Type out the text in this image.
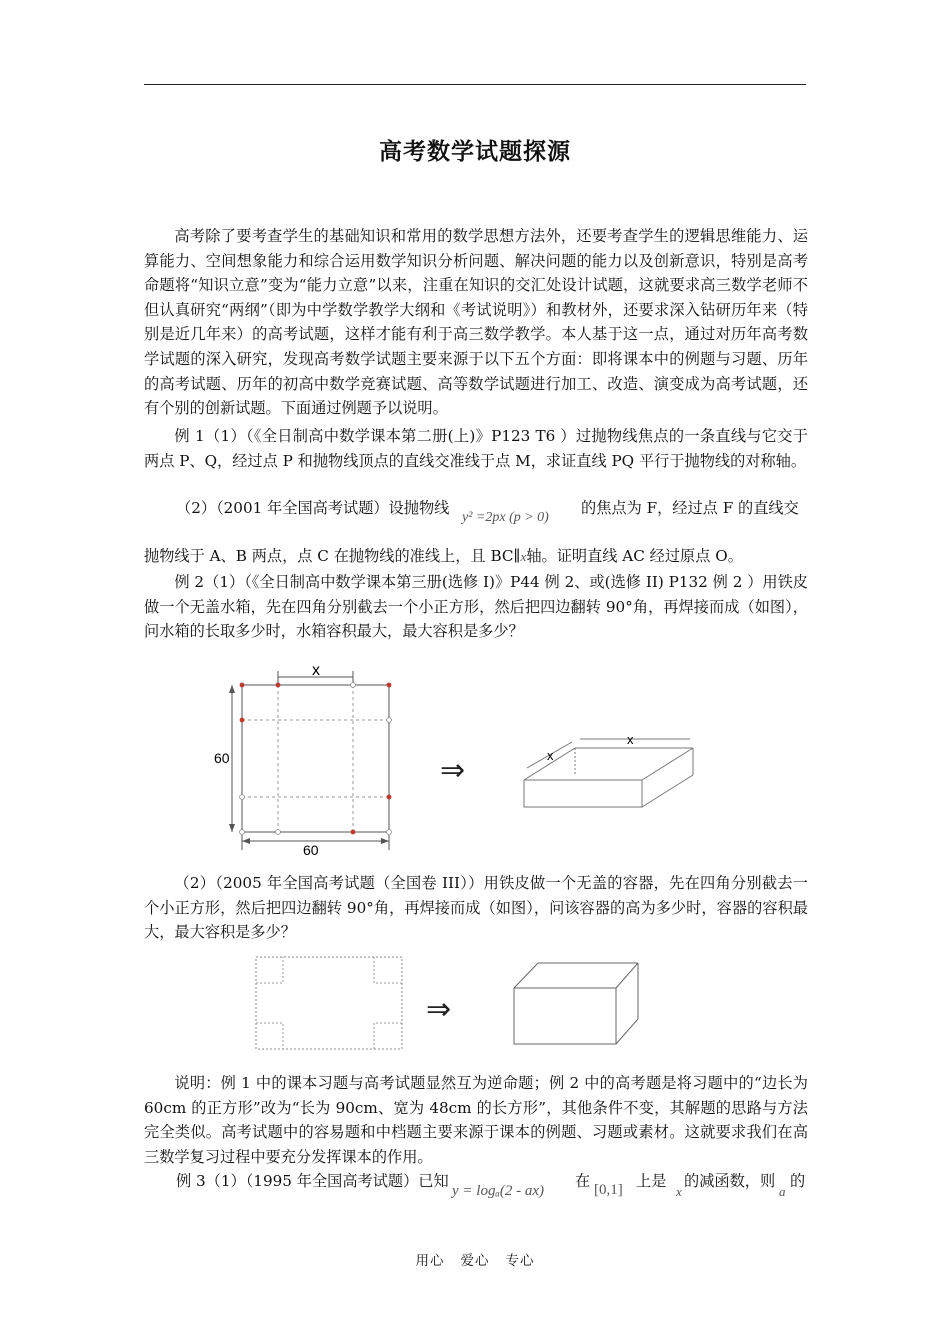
高考数学试题探源

高考除了要考查学生的基础知识和常用的数学思想方法外，还要考查学生的逻辑思维能力、运算能力、空间想象能力和综合运用数学知识分析问题、解决问题的能力以及创新意识，特别是高考命题将“知识立意”变为“能力立意”以来，注重在知识的交汇处设计试题，这就要求高三数学老师不但认真研究“两纲”（即为中学数学教学大纲和《考试说明》）和教材外，还要求深入钻研历年来（特别是近几年来）的高考试题，这样才能有利于高三数学教学。本人基于这一点，通过对历年高考数学试题的深入研究，发现高考数学试题主要来源于以下五个方面：即将课本中的例题与习题、历年的高考试题、历年的初高中数学竞赛试题、高等数学试题进行加工、改造、演变成为高考试题，还有个别的创新试题。下面通过例题予以说明。

例 1（1）（《全日制高中数学课本第二册(上)》P123 T6 ）过抛物线焦点的一条直线与它交于两点 P、Q，经过点 P 和抛物线顶点的直线交准线于点 M，求证直线 PQ 平行于抛物线的对称轴。

（2）（2001 年全国高考试题）设抛物线
y² =2px (p > 0)
的焦点为 F，经过点 F 的直线交
抛物线于 A、B 两点，点 C 在抛物线的准线上，且 BC∥x轴。证明直线 AC 经过原点 O。

例 2（1）（《全日制高中数学课本第三册(选修 I)》P44 例 2、或(选修 II) P132 例 2 ）用铁皮做一个无盖水箱，先在四角分别截去一个小正方形，然后把四边翻转 90°角，再焊接而成（如图），问水箱的长取多少时，水箱容积最大，最大容积是多少？

x
60
60
⇒
x
x

（2）（2005 年全国高考试题（全国卷 III））用铁皮做一个无盖的容器，先在四角分别截去一个小正方形，然后把四边翻转 90°角，再焊接而成（如图），问该容器的高为多少时，容器的容积最大，最大容积是多少？

⇒

说明：例 1 中的课本习题与高考试题显然互为逆命题；例 2 中的高考题是将习题中的“边长为 60cm 的正方形”改为“长为 90cm、宽为 48cm 的长方形”，其他条件不变，其解题的思路与方法完全类似。高考试题中的容易题和中档题主要来源于课本的例题、习题或素材。这就要求我们在高三数学复习过程中要充分发挥课本的作用。

例 3（1）（1995 年全国高考试题）已知
y = logₐ(2 - ax)
在 [0,1] 上是
x
的减函数，则
a
的
用心 爱心 专心
